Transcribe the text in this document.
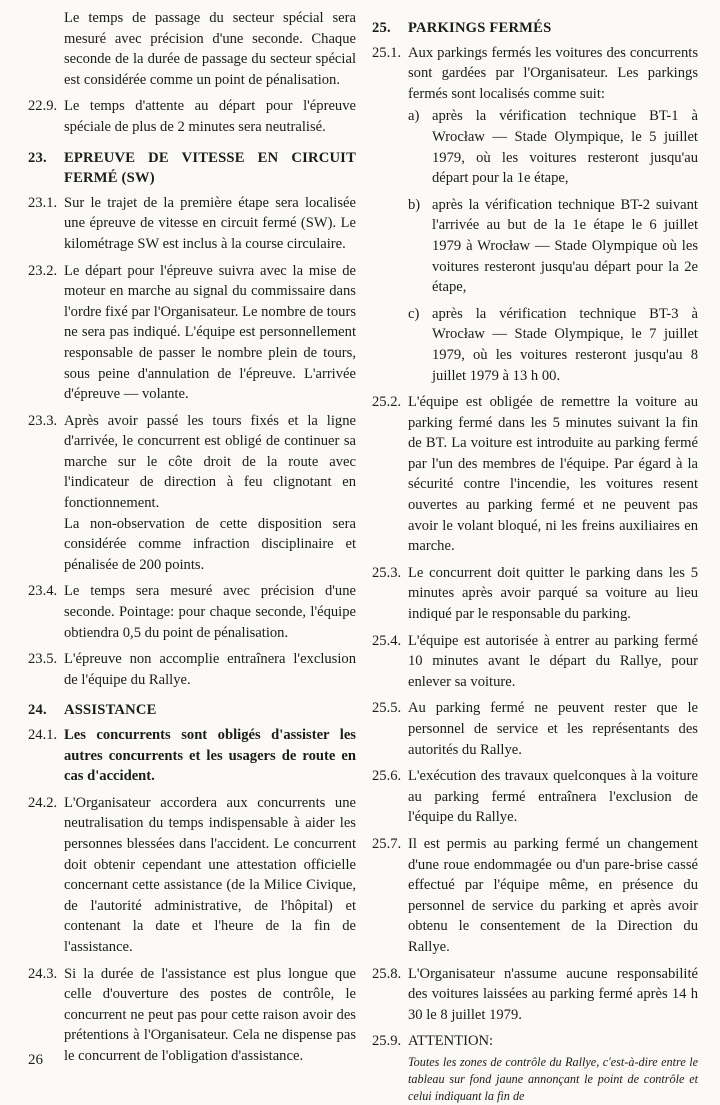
Le temps de passage du secteur spécial sera mesuré avec précision d'une seconde. Chaque seconde de la durée de passage du secteur spécial est considérée comme un point de pénalisation.
22.9. Le temps d'attente au départ pour l'épreuve spéciale de plus de 2 minutes sera neutralisé.
23.	EPREUVE DE VITESSE EN CIRCUIT FERMÉ (SW)
23.1. Sur le trajet de la première étape sera localisée une épreuve de vitesse en circuit fermé (SW). Le kilométrage SW est inclus à la course circulaire.
23.2. Le départ pour l'épreuve suivra avec la mise de moteur en marche au signal du commissaire dans l'ordre fixé par l'Organisateur. Le nombre de tours ne sera pas indiqué. L'équipe est personnellement responsable de passer le nombre plein de tours, sous peine d'annulation de l'épreuve. L'arrivée d'épreuve — volante.
23.3. Après avoir passé les tours fixés et la ligne d'arrivée, le concurrent est obligé de continuer sa marche sur le côte droit de la route avec l'indicateur de direction à feu clignotant en fonctionnement.
La non-observation de cette disposition sera considérée comme infraction disciplinaire et pénalisée de 200 points.
23.4. Le temps sera mesuré avec précision d'une seconde. Pointage: pour chaque seconde, l'équipe obtiendra 0,5 du point de pénalisation.
23.5. L'épreuve non accomplie entraînera l'exclusion de l'équipe du Rallye.
24.	ASSISTANCE
24.1. Les concurrents sont obligés d'assister les autres concurrents et les usagers de route en cas d'accident.
24.2. L'Organisateur accordera aux concurrents une neutralisation du temps indispensable à aider les personnes blessées dans l'accident. Le concurrent doit obtenir cependant une attestation officielle concernant cette assistance (de la Milice Civique, de l'autorité administrative, de l'hôpital) et contenant la date et l'heure de la fin de l'assistance.
24.3. Si la durée de l'assistance est plus longue que celle d'ouverture des postes de contrôle, le concurrent ne peut pas pour cette raison avoir des prétentions à l'Organisateur. Cela ne dispense pas le concurrent de l'obligation d'assistance.
25.	PARKINGS FERMÉS
25.1. Aux parkings fermés les voitures des concurrents sont gardées par l'Organisateur. Les parkings fermés sont localisés comme suit:
a) après la vérification technique BT-1 à Wrocław — Stade Olympique, le 5 juillet 1979, où les voitures resteront jusqu'au départ pour la 1e étape,
b) après la vérification technique BT-2 suivant l'arrivée au but de la 1e étape le 6 juillet 1979 à Wrocław — Stade Olympique où les voitures resteront jusqu'au départ pour la 2e étape,
c) après la vérification technique BT-3 à Wrocław — Stade Olympique, le 7 juillet 1979, où les voitures resteront jusqu'au 8 juillet 1979 à 13 h 00.
25.2. L'équipe est obligée de remettre la voiture au parking fermé dans les 5 minutes suivant la fin de BT. La voiture est introduite au parking fermé par l'un des membres de l'équipe. Par égard à la sécurité contre l'incendie, les voitures resent ouvertes au parking fermé et ne peuvent pas avoir le volant bloqué, ni les freins auxiliaires en marche.
25.3. Le concurrent doit quitter le parking dans les 5 minutes après avoir parqué sa voiture au lieu indiqué par le responsable du parking.
25.4. L'équipe est autorisée à entrer au parking fermé 10 minutes avant le départ du Rallye, pour enlever sa voiture.
25.5. Au parking fermé ne peuvent rester que le personnel de service et les représentants des autorités du Rallye.
25.6. L'exécution des travaux quelconques à la voiture au parking fermé entraînera l'exclusion de l'équipe du Rallye.
25.7. Il est permis au parking fermé un changement d'une roue endommagée ou d'un pare-brise cassé effectué par l'équipe même, en présence du personnel de service du parking et après avoir obtenu le consentement de la Direction du Rallye.
25.8. L'Organisateur n'assume aucune responsabilité des voitures laissées au parking fermé après 14 h 30 le 8 juillet 1979.
25.9. ATTENTION:
Toutes les zones de contrôle du Rallye, c'est-à-dire entre le tableau sur fond jaune annonçant le point de contrôle et celui indiquant la fin de
26
